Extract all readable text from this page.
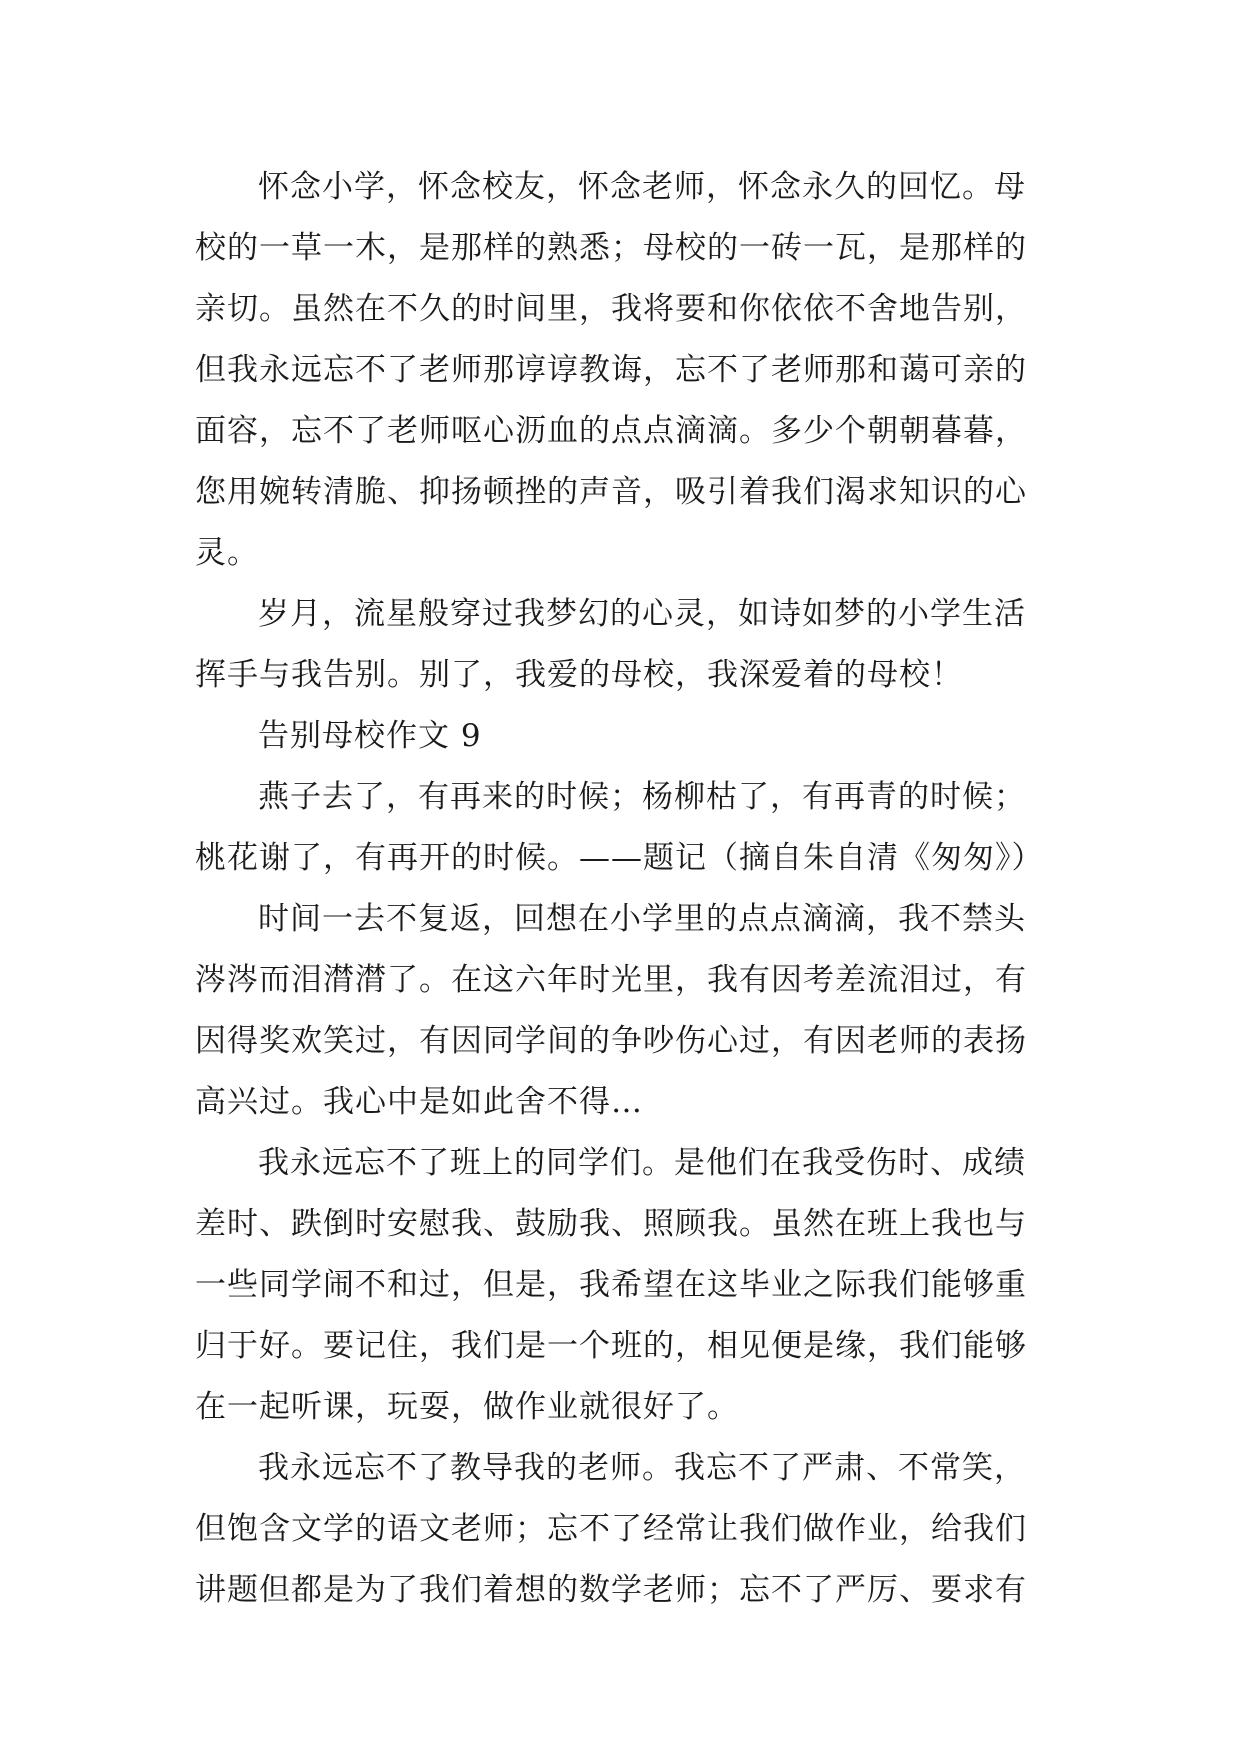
怀念小学，怀念校友，怀念老师，怀念永久的回忆。母
校的一草一木，是那样的熟悉；母校的一砖一瓦，是那样的
亲切。虽然在不久的时间里，我将要和你依依不舍地告别，
但我永远忘不了老师那谆谆教诲，忘不了老师那和蔼可亲的
面容，忘不了老师呕心沥血的点点滴滴。多少个朝朝暮暮，
您用婉转清脆、抑扬顿挫的声音，吸引着我们渴求知识的心
灵。
岁月，流星般穿过我梦幻的心灵，如诗如梦的小学生活
挥手与我告别。别了，我爱的母校，我深爱着的母校！
告别母校作文 9
燕子去了，有再来的时候；杨柳枯了，有再青的时候；
桃花谢了，有再开的时候。——题记（摘自朱自清《匆匆》）
时间一去不复返，回想在小学里的点点滴滴，我不禁头
涔涔而泪潸潸了。在这六年时光里，我有因考差流泪过，有
因得奖欢笑过，有因同学间的争吵伤心过，有因老师的表扬
高兴过。我心中是如此舍不得…
我永远忘不了班上的同学们。是他们在我受伤时、成绩
差时、跌倒时安慰我、鼓励我、照顾我。虽然在班上我也与
一些同学闹不和过，但是，我希望在这毕业之际我们能够重
归于好。要记住，我们是一个班的，相见便是缘，我们能够
在一起听课，玩耍，做作业就很好了。
我永远忘不了教导我的老师。我忘不了严肃、不常笑，
但饱含文学的语文老师；忘不了经常让我们做作业，给我们
讲题但都是为了我们着想的数学老师；忘不了严厉、要求有
